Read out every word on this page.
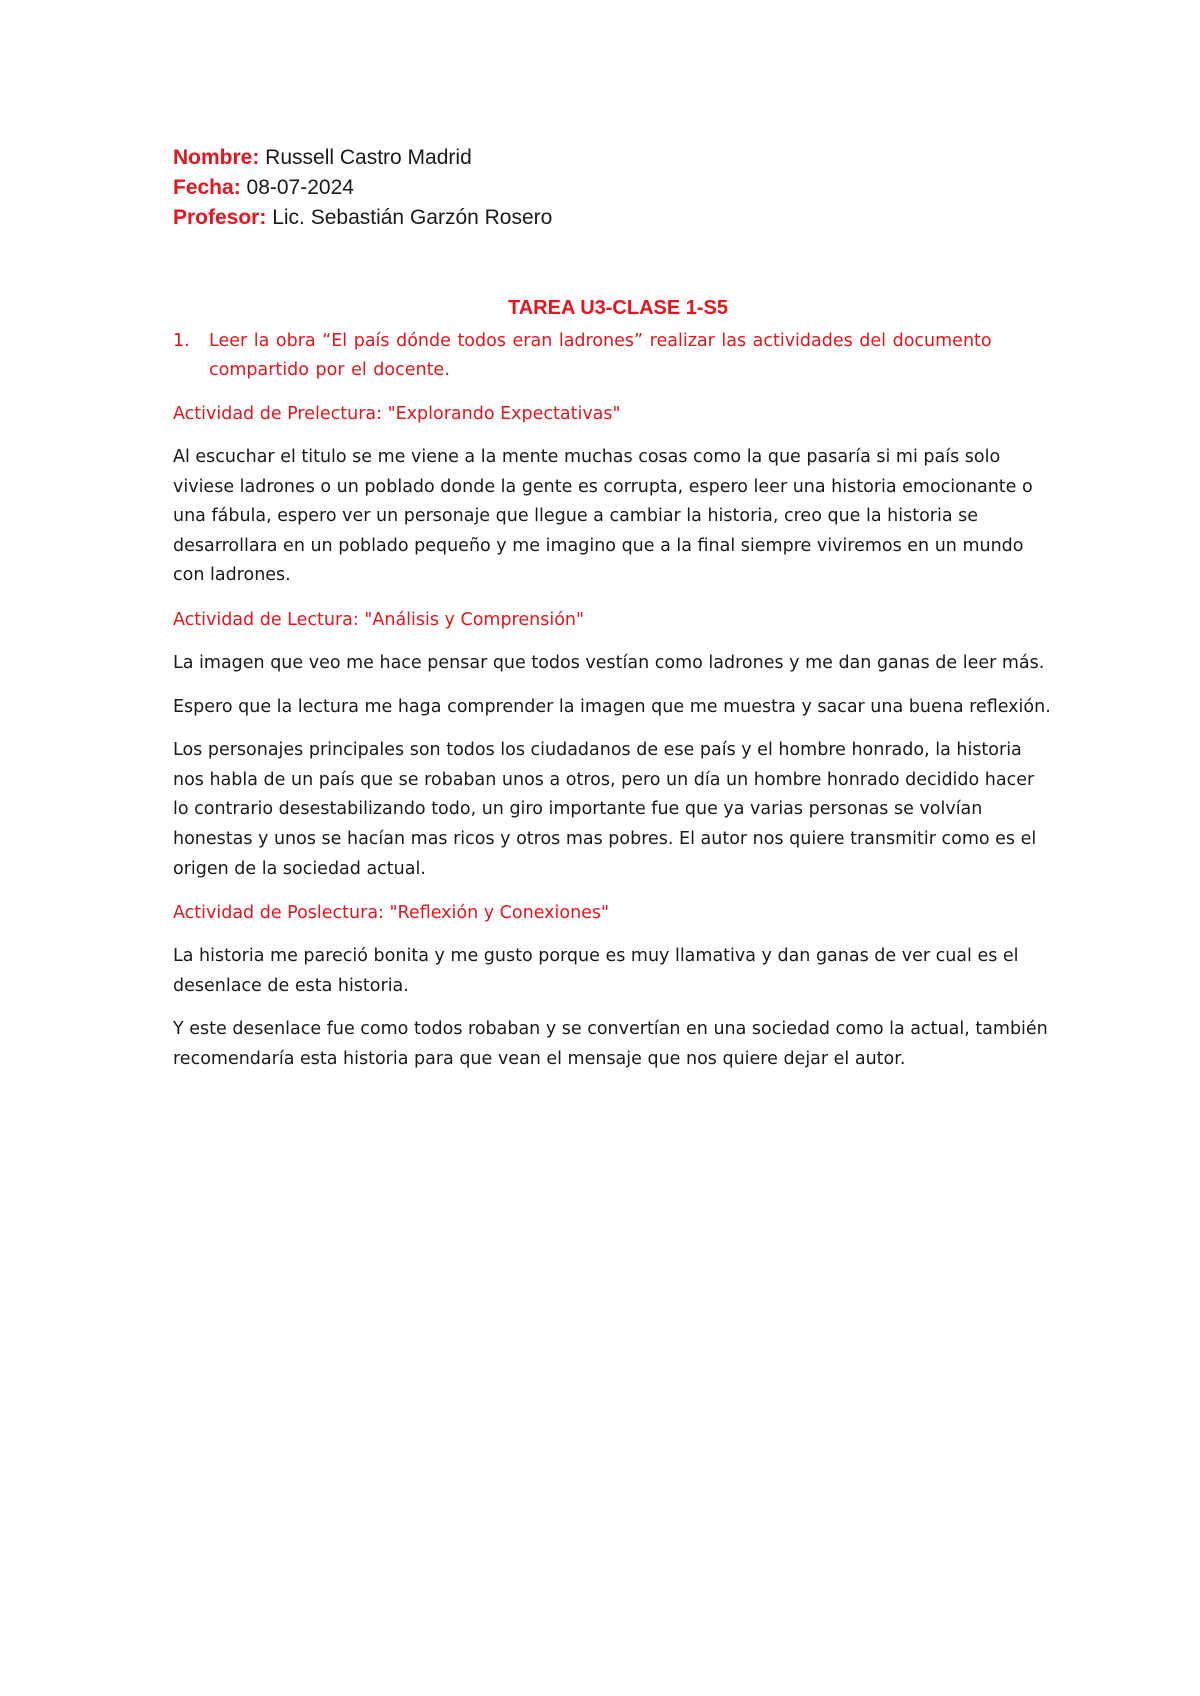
Nombre: Russell Castro Madrid
Fecha: 08-07-2024
Profesor: Lic. Sebastián Garzón Rosero
TAREA U3-CLASE 1-S5
1.	Leer la obra “El país dónde todos eran ladrones” realizar las actividades del documento compartido por el docente.
Actividad de Prelectura: "Explorando Expectativas"
Al escuchar el titulo se me viene a la mente muchas cosas como la que pasaría si mi país solo viviese ladrones o un poblado donde la gente es corrupta, espero leer una historia emocionante o una fábula, espero ver un personaje que llegue a cambiar la historia, creo que la historia se desarrollara en un poblado pequeño y me imagino que a la final siempre viviremos en un mundo con ladrones.
Actividad de Lectura: "Análisis y Comprensión"
La imagen que veo me hace pensar que todos vestían como ladrones y me dan ganas de leer más.
Espero que la lectura me haga comprender la imagen que me muestra y sacar una buena reflexión.
Los personajes principales son todos los ciudadanos de ese país y el hombre honrado, la historia nos habla de un país que se robaban unos a otros, pero un día un hombre honrado decidido hacer lo contrario desestabilizando todo, un giro importante fue que ya varias personas se volvían honestas y unos se hacían mas ricos y otros mas pobres. El autor nos quiere transmitir como es el origen de la sociedad actual.
Actividad de Poslectura: "Reflexión y Conexiones"
La historia me pareció bonita y me gusto porque es muy llamativa y dan ganas de ver cual es el desenlace de esta historia.
Y este desenlace fue como todos robaban y se convertían en una sociedad como la actual, también recomendaría esta historia para que vean el mensaje que nos quiere dejar el autor.
